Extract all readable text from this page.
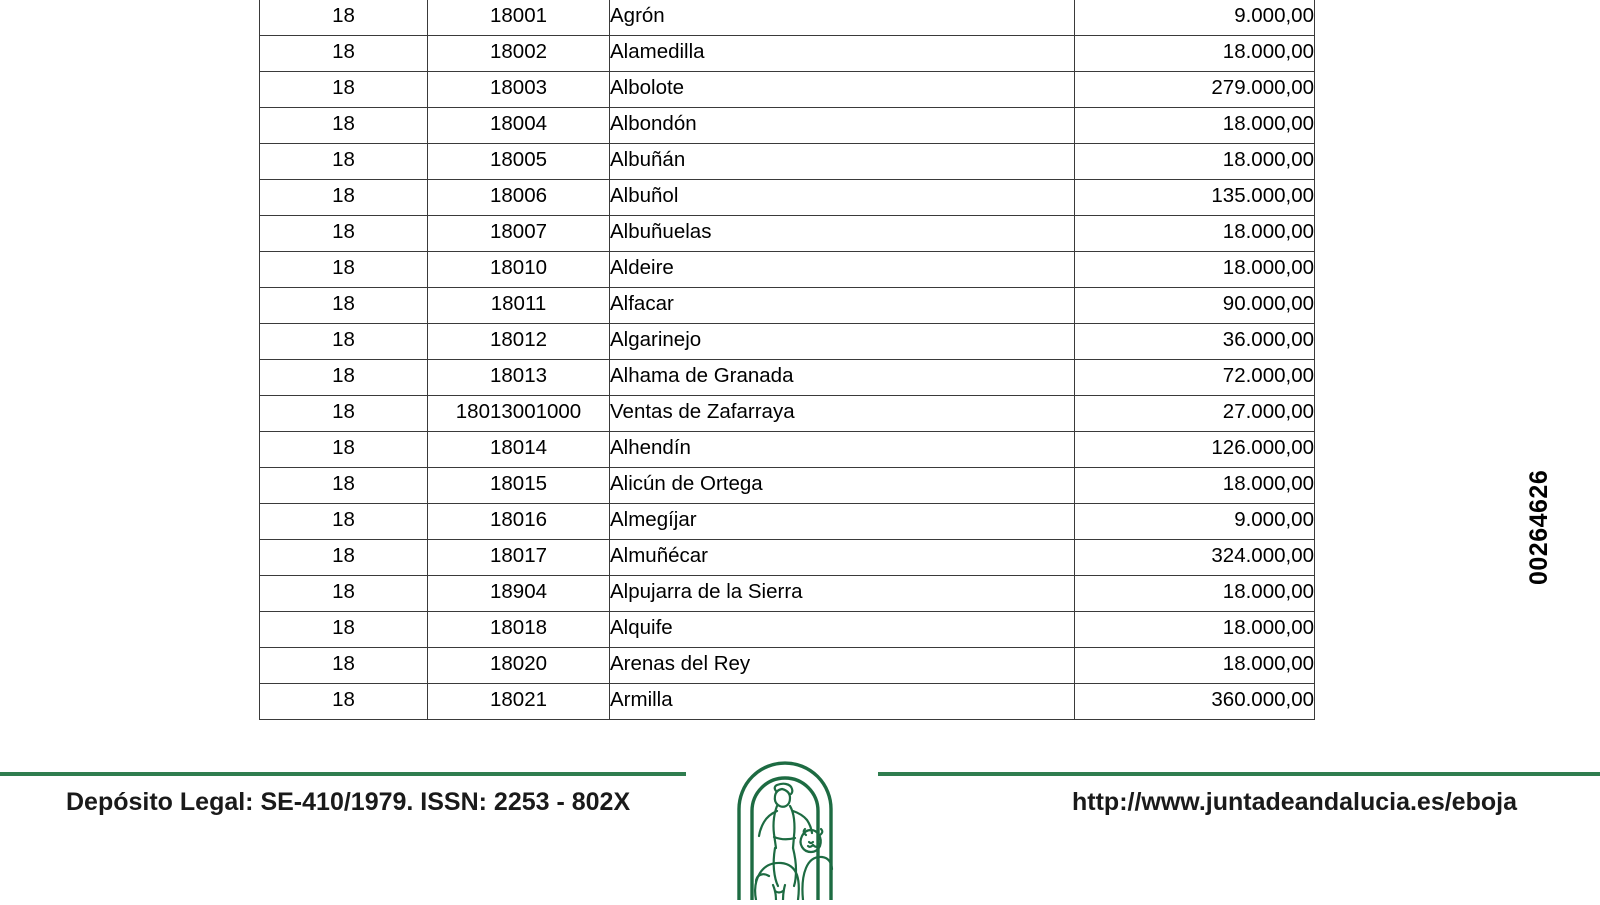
18	18001	Agrón	9.000,00
18	18002	Alamedilla	18.000,00
18	18003	Albolote	279.000,00
18	18004	Albondón	18.000,00
18	18005	Albuñán	18.000,00
18	18006	Albuñol	135.000,00
18	18007	Albuñuelas	18.000,00
18	18010	Aldeire	18.000,00
18	18011	Alfacar	90.000,00
18	18012	Algarinejo	36.000,00
18	18013	Alhama de Granada	72.000,00
18	18013001000	Ventas de Zafarraya	27.000,00
18	18014	Alhendín	126.000,00
18	18015	Alicún de Ortega	18.000,00
18	18016	Almegíjar	9.000,00
18	18017	Almuñécar	324.000,00
18	18904	Alpujarra de la Sierra	18.000,00
18	18018	Alquife	18.000,00
18	18020	Arenas del Rey	18.000,00
18	18021	Armilla	360.000,00
00264626
Depósito Legal: SE-410/1979. ISSN: 2253 - 802X	http://www.juntadeandalucia.es/eboja
